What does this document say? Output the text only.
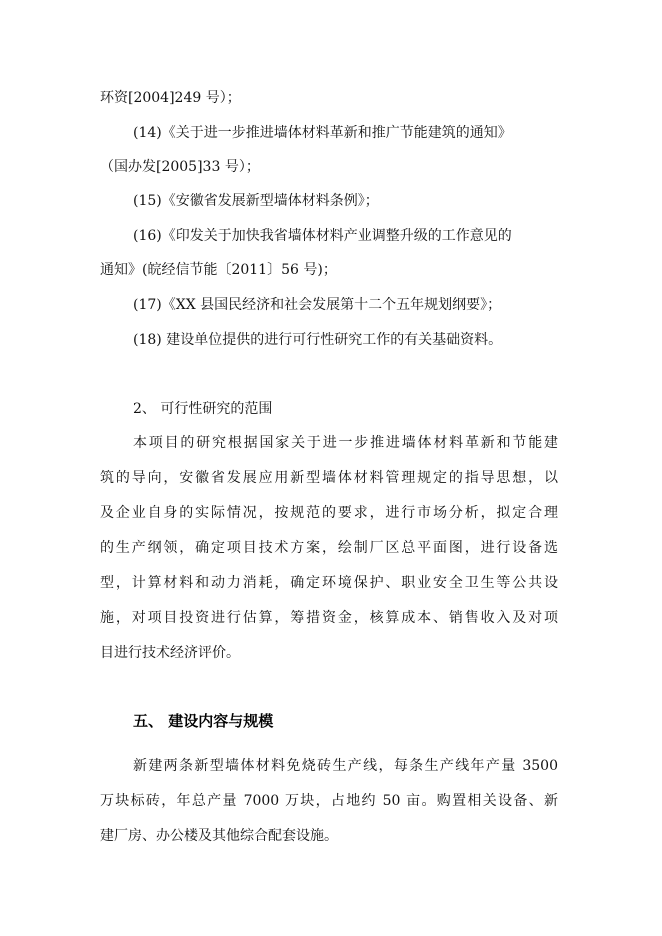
环资[2004]249 号）；
(14)《关于进一步推进墙体材料革新和推广节能建筑的通知》
（国办发[2005]33 号）；
(15)《安徽省发展新型墙体材料条例》；
(16)《印发关于加快我省墙体材料产业调整升级的工作意见的
通知》(皖经信节能〔2011〕56 号)；
(17)《XX 县国民经济和社会发展第十二个五年规划纲要》；
(18) 建设单位提供的进行可行性研究工作的有关基础资料。
2、 可行性研究的范围
本项目的研究根据国家关于进一步推进墙体材料革新和节能建
筑的导向，安徽省发展应用新型墙体材料管理规定的指导思想，以
及企业自身的实际情况，按规范的要求，进行市场分析，拟定合理
的生产纲领，确定项目技术方案，绘制厂区总平面图，进行设备选
型，计算材料和动力消耗，确定环境保护、职业安全卫生等公共设
施，对项目投资进行估算，筹措资金，核算成本、销售收入及对项
目进行技术经济评价。
五、 建设内容与规模
新建两条新型墙体材料免烧砖生产线，每条生产线年产量 3500
万块标砖，年总产量 7000 万块，占地约 50 亩。购置相关设备、新
建厂房、办公楼及其他综合配套设施。
